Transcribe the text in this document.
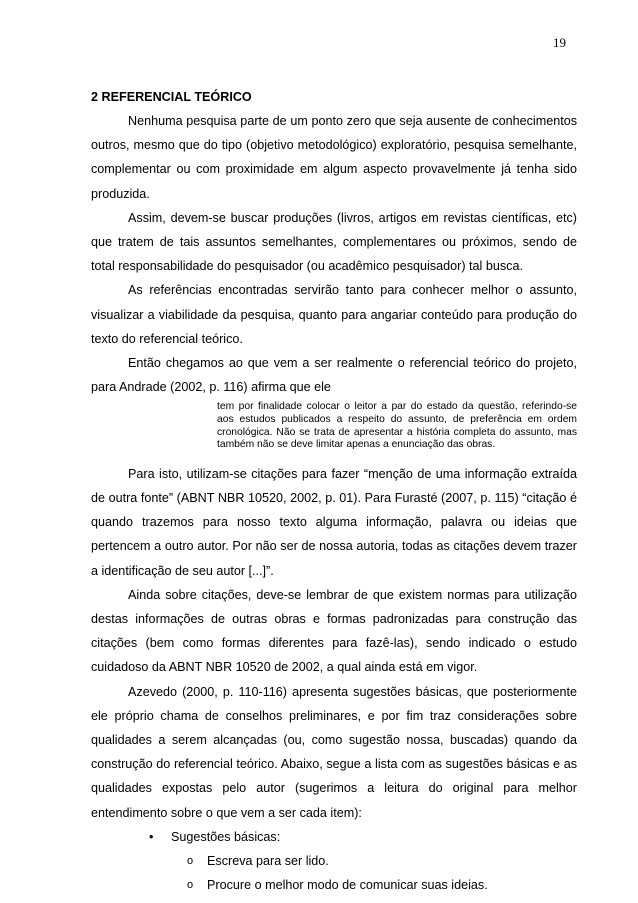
19
2 REFERENCIAL TEÓRICO

Nenhuma pesquisa parte de um ponto zero que seja ausente de conhecimentos outros, mesmo que do tipo (objetivo metodológico) exploratório, pesquisa semelhante, complementar ou com proximidade em algum aspecto provavelmente já tenha sido produzida.

Assim, devem-se buscar produções (livros, artigos em revistas científicas, etc) que tratem de tais assuntos semelhantes, complementares ou próximos, sendo de total responsabilidade do pesquisador (ou acadêmico pesquisador) tal busca.

As referências encontradas servirão tanto para conhecer melhor o assunto, visualizar a viabilidade da pesquisa, quanto para angariar conteúdo para produção do texto do referencial teórico.

Então chegamos ao que vem a ser realmente o referencial teórico do projeto, para Andrade (2002, p. 116) afirma que ele

tem por finalidade colocar o leitor a par do estado da questão, referindo-se aos estudos publicados a respeito do assunto, de preferência em ordem cronológica. Não se trata de apresentar a história completa do assunto, mas também não se deve limitar apenas a enunciação das obras.

Para isto, utilizam-se citações para fazer “menção de uma informação extraída de outra fonte” (ABNT NBR 10520, 2002, p. 01). Para Furasté (2007, p. 115) “citação é quando trazemos para nosso texto alguma informação, palavra ou ideias que pertencem a outro autor. Por não ser de nossa autoria, todas as citações devem trazer a identificação de seu autor [...]”.

Ainda sobre citações, deve-se lembrar de que existem normas para utilização destas informações de outras obras e formas padronizadas para construção das citações (bem como formas diferentes para fazê-las), sendo indicado o estudo cuidadoso da ABNT NBR 10520 de 2002, a qual ainda está em vigor.

Azevedo (2000, p. 110-116) apresenta sugestões básicas, que posteriormente ele próprio chama de conselhos preliminares, e por fim traz considerações sobre qualidades a serem alcançadas (ou, como sugestão nossa, buscadas) quando da construção do referencial teórico. Abaixo, segue a lista com as sugestões básicas e as qualidades expostas pelo autor (sugerimos a leitura do original para melhor entendimento sobre o que vem a ser cada item):

• Sugestões básicas:
o Escreva para ser lido.
o Procure o melhor modo de comunicar suas ideias.
